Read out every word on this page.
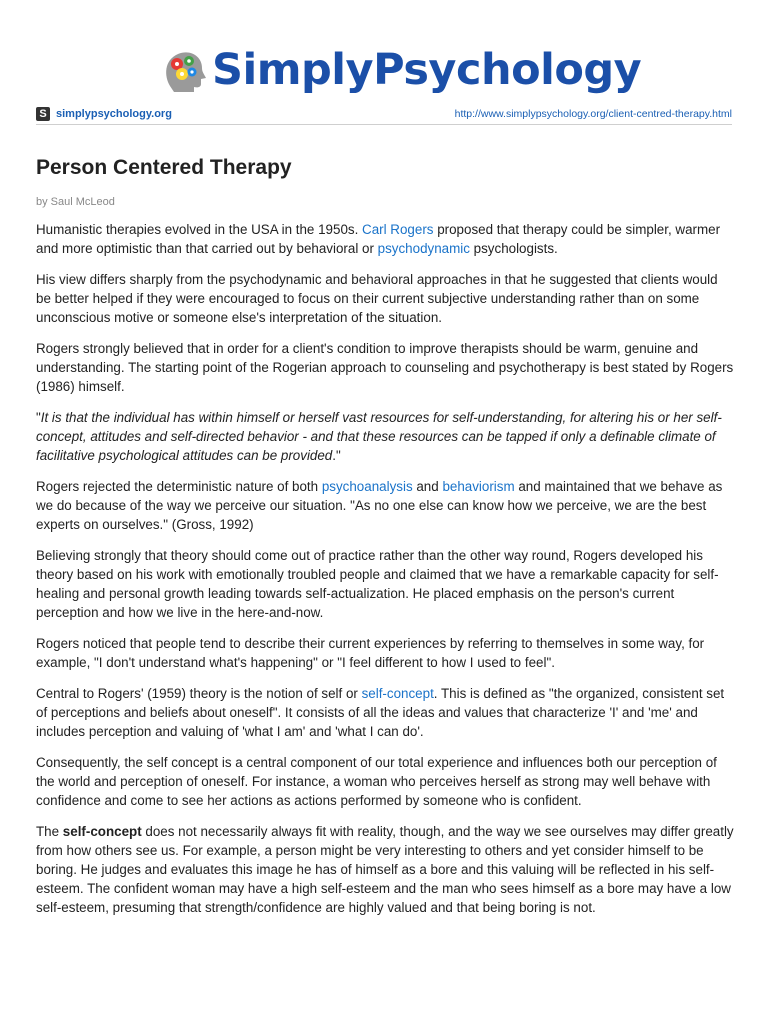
SimplyPsychology
S simplypsychology.org	http://www.simplypsychology.org/client-centred-therapy.html
Person Centered Therapy
by Saul McLeod

Humanistic therapies evolved in the USA in the 1950s. Carl Rogers proposed that therapy could be simpler, warmer and more optimistic than that carried out by behavioral or psychodynamic psychologists.

His view differs sharply from the psychodynamic and behavioral approaches in that he suggested that clients would be better helped if they were encouraged to focus on their current subjective understanding rather than on some unconscious motive or someone else's interpretation of the situation.

Rogers strongly believed that in order for a client's condition to improve therapists should be warm, genuine and understanding. The starting point of the Rogerian approach to counseling and psychotherapy is best stated by Rogers (1986) himself.

"It is that the individual has within himself or herself vast resources for self-understanding, for altering his or her self-concept, attitudes and self-directed behavior - and that these resources can be tapped if only a definable climate of facilitative psychological attitudes can be provided."

Rogers rejected the deterministic nature of both psychoanalysis and behaviorism and maintained that we behave as we do because of the way we perceive our situation. "As no one else can know how we perceive, we are the best experts on ourselves." (Gross, 1992)

Believing strongly that theory should come out of practice rather than the other way round, Rogers developed his theory based on his work with emotionally troubled people and claimed that we have a remarkable capacity for self-healing and personal growth leading towards self-actualization. He placed emphasis on the person's current perception and how we live in the here-and-now.

Rogers noticed that people tend to describe their current experiences by referring to themselves in some way, for example, "I don't understand what's happening" or "I feel different to how I used to feel".

Central to Rogers' (1959) theory is the notion of self or self-concept. This is defined as "the organized, consistent set of perceptions and beliefs about oneself". It consists of all the ideas and values that characterize 'I' and 'me' and includes perception and valuing of 'what I am' and 'what I can do'.

Consequently, the self concept is a central component of our total experience and influences both our perception of the world and perception of oneself. For instance, a woman who perceives herself as strong may well behave with confidence and come to see her actions as actions performed by someone who is confident.

The self-concept does not necessarily always fit with reality, though, and the way we see ourselves may differ greatly from how others see us. For example, a person might be very interesting to others and yet consider himself to be boring. He judges and evaluates this image he has of himself as a bore and this valuing will be reflected in his self-esteem. The confident woman may have a high self-esteem and the man who sees himself as a bore may have a low self-esteem, presuming that strength/confidence are highly valued and that being boring is not.
